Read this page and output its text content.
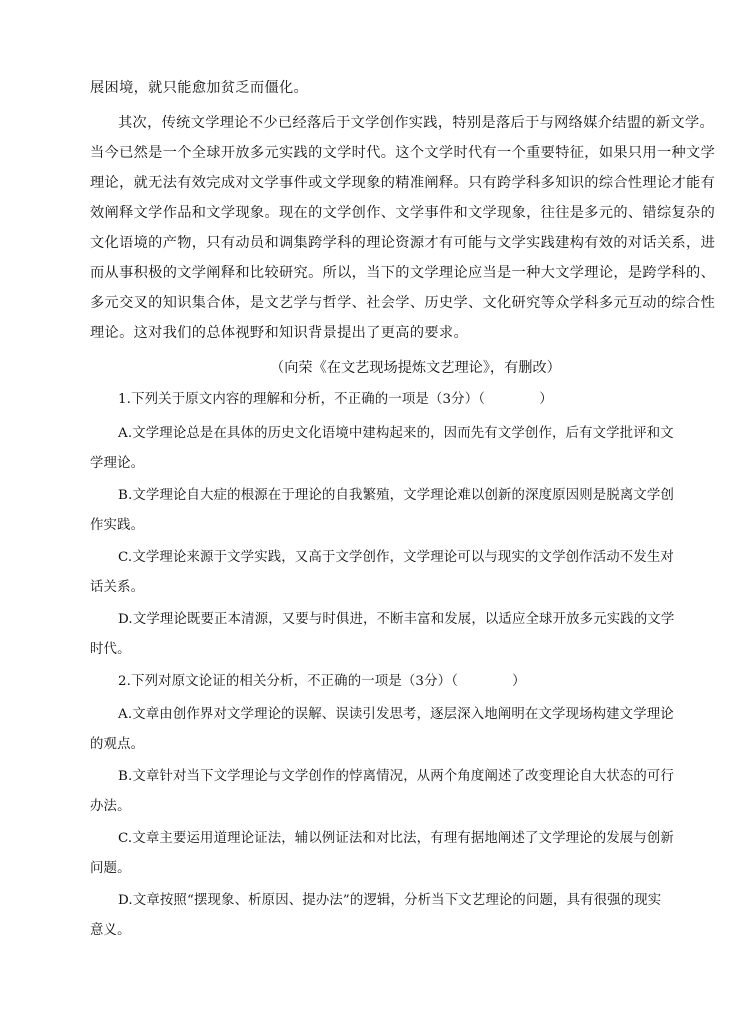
展困境，就只能愈加贫乏而僵化。
其次，传统文学理论不少已经落后于文学创作实践，特别是落后于与网络媒介结盟的新文学。
当今已然是一个全球开放多元实践的文学时代。这个文学时代有一个重要特征，如果只用一种文学
理论，就无法有效完成对文学事件或文学现象的精准阐释。只有跨学科多知识的综合性理论才能有
效阐释文学作品和文学现象。现在的文学创作、文学事件和文学现象，往往是多元的、错综复杂的
文化语境的产物，只有动员和调集跨学科的理论资源才有可能与文学实践建构有效的对话关系，进
而从事积极的文学阐释和比较研究。所以，当下的文学理论应当是一种大文学理论，是跨学科的、
多元交叉的知识集合体，是文艺学与哲学、社会学、历史学、文化研究等众学科多元互动的综合性
理论。这对我们的总体视野和知识背景提出了更高的要求。
（向荣《在文艺现场提炼文艺理论》，有删改）
1.下列关于原文内容的理解和分析，不正确的一项是（3分）（　　　　）
A.文学理论总是在具体的历史文化语境中建构起来的，因而先有文学创作，后有文学批评和文
学理论。
B.文学理论自大症的根源在于理论的自我繁殖，文学理论难以创新的深度原因则是脱离文学创
作实践。
C.文学理论来源于文学实践，又高于文学创作，文学理论可以与现实的文学创作活动不发生对
话关系。
D.文学理论既要正本清源，又要与时俱进，不断丰富和发展，以适应全球开放多元实践的文学
时代。
2.下列对原文论证的相关分析，不正确的一项是（3分）（　　　　）
A.文章由创作界对文学理论的误解、误读引发思考，逐层深入地阐明在文学现场构建文学理论
的观点。
B.文章针对当下文学理论与文学创作的悖离情况，从两个角度阐述了改变理论自大状态的可行
办法。
C.文章主要运用道理论证法，辅以例证法和对比法，有理有据地阐述了文学理论的发展与创新
问题。
D.文章按照“摆现象、析原因、提办法”的逻辑，分析当下文艺理论的问题，具有很强的现实
意义。
